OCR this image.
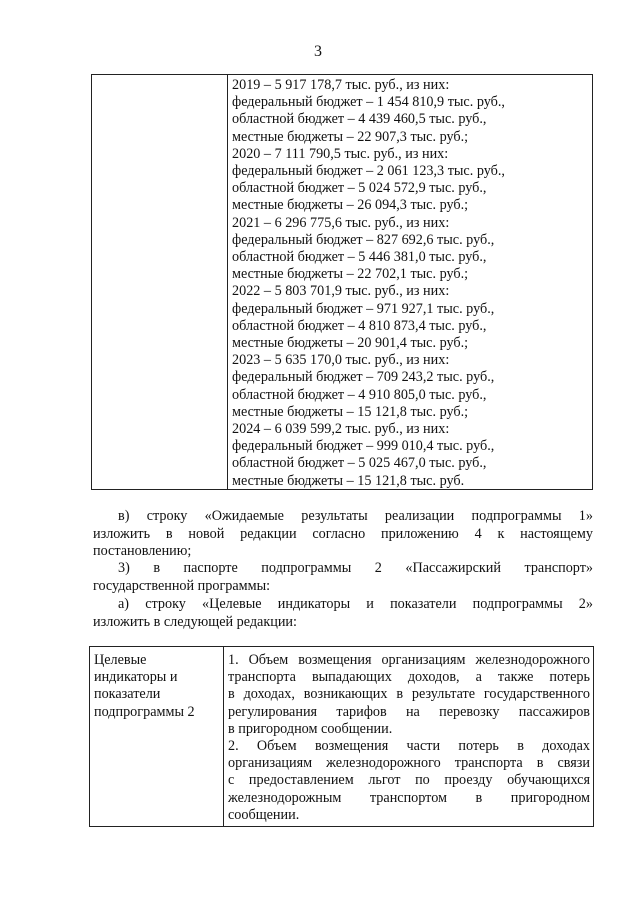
3
2019 – 5 917 178,7 тыс. руб., из них:
федеральный бюджет – 1 454 810,9 тыс. руб.,
областной бюджет – 4 439 460,5 тыс. руб.,
местные бюджеты – 22 907,3 тыс. руб.;
2020 – 7 111 790,5 тыс. руб., из них:
федеральный бюджет – 2 061 123,3 тыс. руб.,
областной бюджет – 5 024 572,9 тыс. руб.,
местные бюджеты – 26 094,3 тыс. руб.;
2021 – 6 296 775,6 тыс. руб., из них:
федеральный бюджет – 827 692,6 тыс. руб.,
областной бюджет – 5 446 381,0 тыс. руб.,
местные бюджеты – 22 702,1 тыс. руб.;
2022 – 5 803 701,9 тыс. руб., из них:
федеральный бюджет – 971 927,1 тыс. руб.,
областной бюджет – 4 810 873,4 тыс. руб.,
местные бюджеты – 20 901,4 тыс. руб.;
2023 – 5 635 170,0 тыс. руб., из них:
федеральный бюджет – 709 243,2 тыс. руб.,
областной бюджет – 4 910 805,0 тыс. руб.,
местные бюджеты – 15 121,8 тыс. руб.;
2024 – 6 039 599,2 тыс. руб., из них:
федеральный бюджет – 999 010,4 тыс. руб.,
областной бюджет – 5 025 467,0 тыс. руб.,
местные бюджеты – 15 121,8 тыс. руб.
в) строку «Ожидаемые результаты реализации подпрограммы 1»
изложить в новой редакции согласно приложению 4 к настоящему
постановлению;
3) в паспорте подпрограммы 2 «Пассажирский транспорт»
государственной программы:
а) строку «Целевые индикаторы и показатели подпрограммы 2»
изложить в следующей редакции:
Целевые
индикаторы и
показатели
подпрограммы 2
1. Объем возмещения организациям железнодорожного
транспорта выпадающих доходов, а также потерь
в доходах, возникающих в результате государственного
регулирования тарифов на перевозку пассажиров
в пригородном сообщении.
2. Объем возмещения части потерь в доходах
организациям железнодорожного транспорта в связи
с предоставлением льгот по проезду обучающихся
железнодорожным транспортом в пригородном
сообщении.
